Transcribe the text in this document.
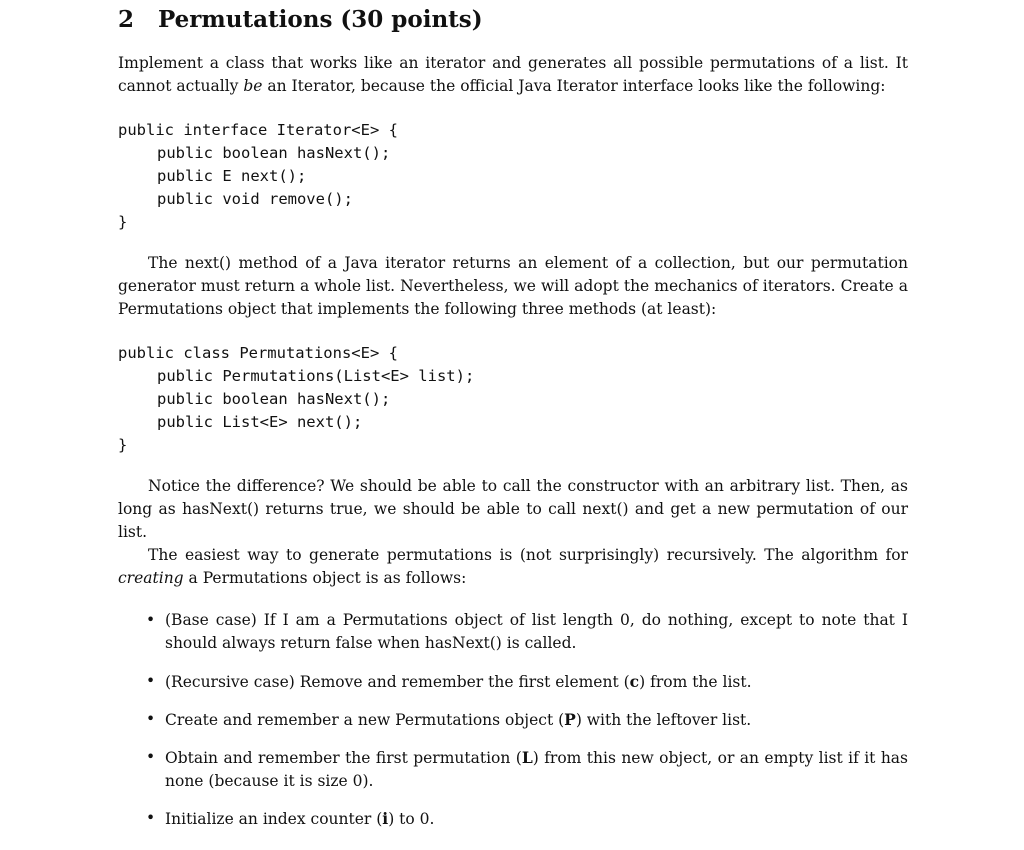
2 Permutations (30 points)

Implement a class that works like an iterator and generates all possible permutations of a list. It cannot actually be an Iterator, because the official Java Iterator interface looks like the following:

public interface Iterator<E> {
public boolean hasNext();
public E next();
public void remove();
}

The next() method of a Java iterator returns an element of a collection, but our permutation generator must return a whole list. Nevertheless, we will adopt the mechanics of iterators. Create a Permutations object that implements the following three methods (at least):

public class Permutations<E> {
public Permutations(List<E> list);
public boolean hasNext();
public List<E> next();
}

Notice the difference? We should be able to call the constructor with an arbitrary list. Then, as long as hasNext() returns true, we should be able to call next() and get a new permutation of our list.

The easiest way to generate permutations is (not surprisingly) recursively. The algorithm for creating a Permutations object is as follows:

• (Base case) If I am a Permutations object of list length 0, do nothing, except to note that I should always return false when hasNext() is called.
• (Recursive case) Remove and remember the first element (c) from the list.
• Create and remember a new Permutations object (P) with the leftover list.
• Obtain and remember the first permutation (L) from this new object, or an empty list if it has none (because it is size 0).
• Initialize an index counter (i) to 0.
